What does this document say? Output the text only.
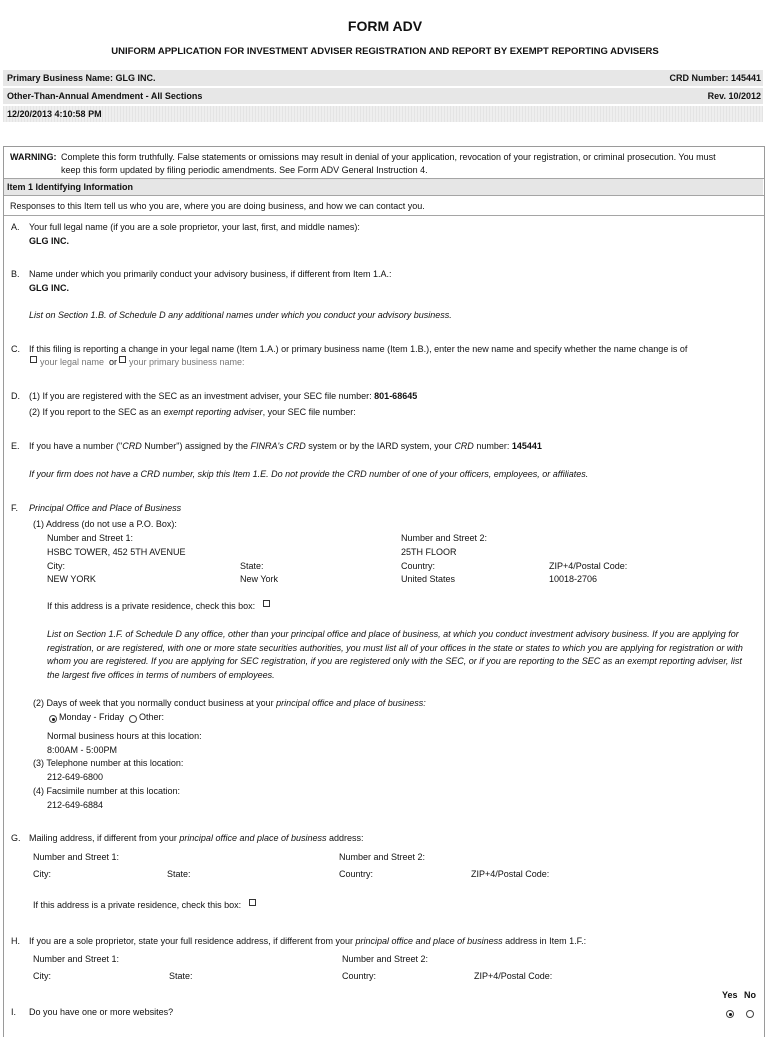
FORM ADV
UNIFORM APPLICATION FOR INVESTMENT ADVISER REGISTRATION AND REPORT BY EXEMPT REPORTING ADVISERS
Primary Business Name: GLG INC.	CRD Number: 145441
Other-Than-Annual Amendment - All Sections	Rev. 10/2012
12/20/2013 4:10:58 PM
WARNING: Complete this form truthfully. False statements or omissions may result in denial of your application, revocation of your registration, or criminal prosecution. You must
keep this form updated by filing periodic amendments. See Form ADV General Instruction 4.
Item 1 Identifying Information
Responses to this Item tell us who you are, where you are doing business, and how we can contact you.
A. Your full legal name (if you are a sole proprietor, your last, first, and middle names):
GLG INC.
B. Name under which you primarily conduct your advisory business, if different from Item 1.A.:
GLG INC.
List on Section 1.B. of Schedule D any additional names under which you conduct your advisory business.
C. If this filing is reporting a change in your legal name (Item 1.A.) or primary business name (Item 1.B.), enter the new name and specify whether the name change is of
your legal name or your primary business name:
D. (1) If you are registered with the SEC as an investment adviser, your SEC file number: 801-68645
(2) If you report to the SEC as an exempt reporting adviser, your SEC file number:
E. If you have a number ("CRD Number") assigned by the FINRA's CRD system or by the IARD system, your CRD number: 145441
If your firm does not have a CRD number, skip this Item 1.E. Do not provide the CRD number of one of your officers, employees, or affiliates.
F. Principal Office and Place of Business
(1) Address (do not use a P.O. Box):
Number and Street 1:
HSBC TOWER, 452 5TH AVENUE
Number and Street 2:
25TH FLOOR
City:
NEW YORK
State:
New York
Country:
United States
ZIP+4/Postal Code:
10018-2706
If this address is a private residence, check this box:
List on Section 1.F. of Schedule D any office, other than your principal office and place of business, at which you conduct investment advisory business. If you are applying for
registration, or are registered, with one or more state securities authorities, you must list all of your offices in the state or states to which you are applying for registration or with
whom you are registered. If you are applying for SEC registration, if you are registered only with the SEC, or if you are reporting to the SEC as an exempt reporting adviser, list
the largest five offices in terms of numbers of employees.
(2) Days of week that you normally conduct business at your principal office and place of business:
Monday - Friday Other:
Normal business hours at this location:
8:00AM - 5:00PM
(3) Telephone number at this location:
212-649-6800
(4) Facsimile number at this location:
212-649-6884
G. Mailing address, if different from your principal office and place of business address:
Number and Street 1:	Number and Street 2:
City:	State:	Country:	ZIP+4/Postal Code:
If this address is a private residence, check this box:
H. If you are a sole proprietor, state your full residence address, if different from your principal office and place of business address in Item 1.F.:
Number and Street 1:	Number and Street 2:
City:	State:	Country:	ZIP+4/Postal Code:
Yes No
I. Do you have one or more websites?
